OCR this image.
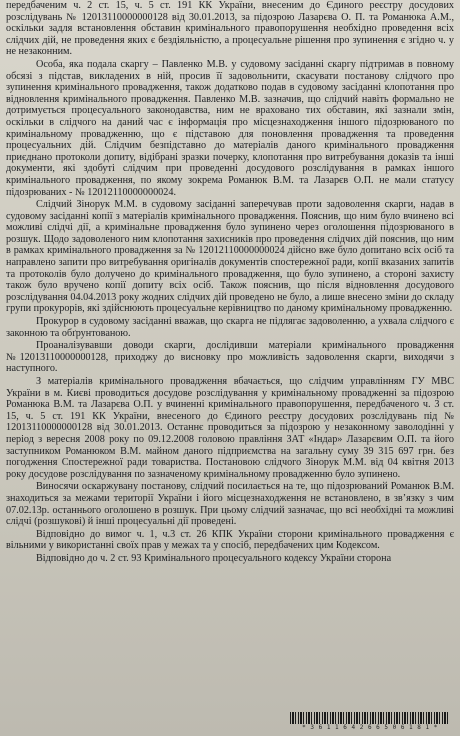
передбаченим ч. 2 ст. 15, ч. 5 ст. 191 КК України, внесеним до Єдиного реєстру досудових розслідувань № 12013110000000128 від 30.01.2013, за підозрою Лазарєва О. П. та Романюка А.М., оскільки задля встановлення обставин кримінального правопорушення необхідно проведення всіх слідчих дій, не проведення яких є бездіяльністю, а процесуальне рішення про зупинення є згідно ч. у не незаконним.

Особа, яка подала скаргу – Павленко М.В. у судовому засіданні скаргу підтримав в повному обсязі з підстав, викладених в ній, просив її задовольнити, скасувати постанову слідчого про зупинення кримінального провадження, також додатково подав в судовому засіданні клопотання про відновлення кримінального провадження. Павленко М.В. зазначив, що слідчий навіть формально не дотримується процесуального законодавства, ним не враховано тих обставин, які зазнали змін, оскільки в слідчого на даний час є інформація про місцезнаходження іншого підозрюваного по кримінальному провадженню, що є підставою для поновлення провадження та проведення процесуальних дій. Слідчим безпідставно до матеріалів даного кримінального провадження приєднано протоколи допиту, відібрані зразки почерку, клопотання про витребування доказів та інші документи, які здобуті слідчим при проведенні досудового розслідування в рамках іншого кримінального провадження, по якому зокрема Романюк В.М. та Лазарєв О.П. не мали статусу підозрюваних - № 12012110000000024.

Слідчий Зінорук М.М. в судовому засіданні заперечував проти задоволення скарги, надав в судовому засіданні копії з матеріалів кримінального провадження. Пояснив, що ним було вчинено всі можливі слідчі дії, а кримінальне провадження було зупинено через оголошення підозрюваного в розшук. Щодо задоволеного ним клопотання захисників про проведення слідчих дій пояснив, що ним в рамках кримінального провадження за № 12012110000000024 дійсно вже було допитано всіх осіб та направлено запити про витребування оригіналів документів спостережної ради, копії вказаних запитів та протоколів було долучено до кримінального провадження, що було зупинено, а стороні захисту також було вручено копії допиту всіх осіб. Також пояснив, що після відновлення досудового розслідування 04.04.2013 року жодних слідчих дій проведено не було, а лише внесено зміни до складу групи прокурорів, які здійснюють процесуальне керівництво по даному кримінальному провадженню.

Прокурор в судовому засіданні вважав, що скарга не підлягає задоволенню, а ухвала слідчого є законною та обґрунтованою.

Проаналізувавши доводи скарги, дослідивши матеріали кримінального провадження №12013110000000128, приходжу до висновку про можливість задоволення скарги, виходячи з наступного.

З матеріалів кримінального провадження вбачається, що слідчим управлінням ГУ МВС України в м. Києві проводиться досудове розслідування у кримінальному провадженні за підозрою Романюка В.М. та Лазарєва О.П. у вчиненні кримінального правопорушення, передбаченого ч. 3 ст. 15, ч. 5 ст. 191 КК України, внесеного до Єдиного реєстру досудових розслідувань під № 12013110000000128 від 30.01.2013. Останнє проводиться за підозрою у незаконному заволодінні у період з вересня 2008 року по 09.12.2008 головою правління ЗАТ «Індар» Лазарєвим О.П. та його заступником Романюком В.М. майном даного підприємства на загальну суму 39 315 697 грн. без погодження Спостережної ради товариства. Постановою слідчого Зінорук М.М. від 04 квітня 2013 року досудове розслідування по зазначеному кримінальному провадженню було зупинено.

Виносячи оскаржувану постанову, слідчий посилається на те, що підозрюваний Романюк В.М. знаходиться за межами території України і його місцезнаходження не встановлено, в зв’язку з чим 07.02.13р. останнього оголошено в розшук. При цьому слідчий зазначає, що всі необхідні та можливі слідчі (розшукові) й інші процесуальні дії проведені.

Відповідно до вимог ч. 1, ч.3 ст. 26 КПК України сторони кримінального провадження є вільними у використанні своїх прав у межах та у спосіб, передбачених цим Кодексом.

Відповідно до ч. 2 ст. 93 Кримінального процесуального кодексу України сторона

* 3 6 1 1 6 4 2 6 6 5 0 6 1 8 1 *
